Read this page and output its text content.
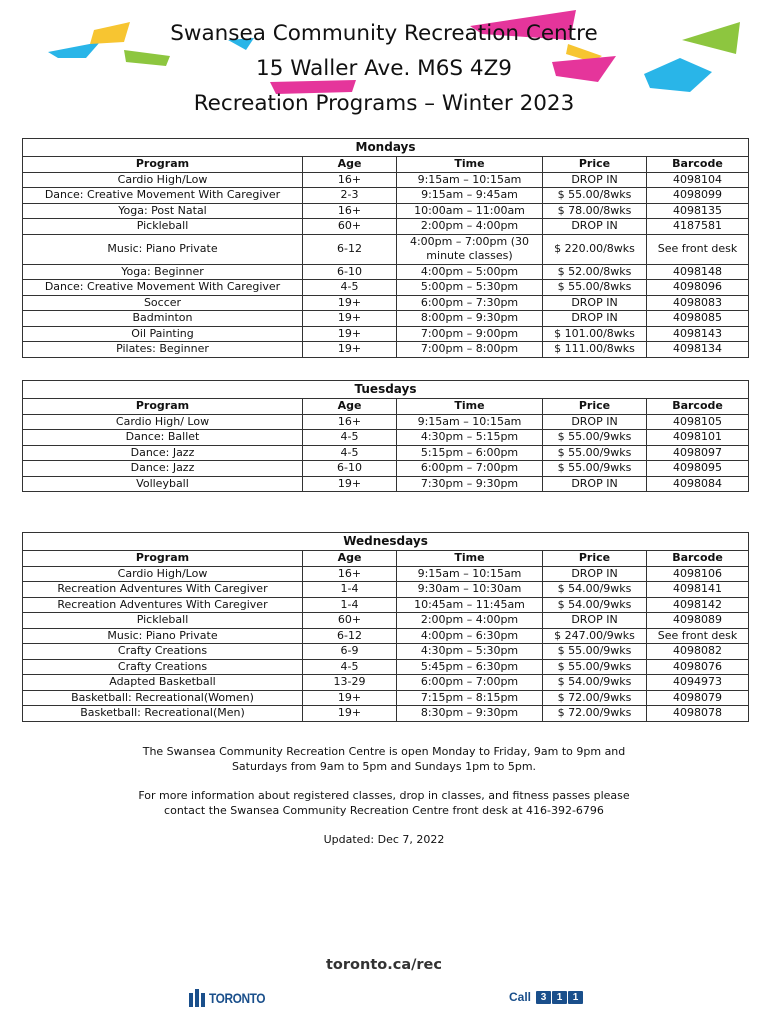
Swansea Community Recreation Centre
15 Waller Ave. M6S 4Z9
Recreation Programs – Winter 2023
Mondays				
Program	Age	Time	Price	Barcode
Cardio High/Low	16+	9:15am – 10:15am	DROP IN	4098104
Dance: Creative Movement With Caregiver	2-3	9:15am – 9:45am	$ 55.00/8wks	4098099
Yoga: Post Natal	16+	10:00am – 11:00am	$ 78.00/8wks	4098135
Pickleball	60+	2:00pm – 4:00pm	DROP IN	4187581
Music: Piano Private	6-12	4:00pm – 7:00pm (30 minute classes)	$ 220.00/8wks	See front desk
Yoga: Beginner	6-10	4:00pm – 5:00pm	$ 52.00/8wks	4098148
Dance: Creative Movement With Caregiver	4-5	5:00pm – 5:30pm	$ 55.00/8wks	4098096
Soccer	19+	6:00pm – 7:30pm	DROP IN	4098083
Badminton	19+	8:00pm – 9:30pm	DROP IN	4098085
Oil Painting	19+	7:00pm – 9:00pm	$ 101.00/8wks	4098143
Pilates: Beginner	19+	7:00pm – 8:00pm	$ 111.00/8wks	4098134
Tuesdays				
Program	Age	Time	Price	Barcode
Cardio High/ Low	16+	9:15am – 10:15am	DROP IN	4098105
Dance: Ballet	4-5	4:30pm – 5:15pm	$ 55.00/9wks	4098101
Dance: Jazz	4-5	5:15pm – 6:00pm	$ 55.00/9wks	4098097
Dance: Jazz	6-10	6:00pm – 7:00pm	$ 55.00/9wks	4098095
Volleyball	19+	7:30pm – 9:30pm	DROP IN	4098084
Wednesdays				
Program	Age	Time	Price	Barcode
Cardio High/Low	16+	9:15am – 10:15am	DROP IN	4098106
Recreation Adventures With Caregiver	1-4	9:30am – 10:30am	$ 54.00/9wks	4098141
Recreation Adventures With Caregiver	1-4	10:45am – 11:45am	$ 54.00/9wks	4098142
Pickleball	60+	2:00pm – 4:00pm	DROP IN	4098089
Music: Piano Private	6-12	4:00pm – 6:30pm	$ 247.00/9wks	See front desk
Crafty Creations	6-9	4:30pm – 5:30pm	$ 55.00/9wks	4098082
Crafty Creations	4-5	5:45pm – 6:30pm	$ 55.00/9wks	4098076
Adapted Basketball	13-29	6:00pm – 7:00pm	$ 54.00/9wks	4094973
Basketball: Recreational(Women)	19+	7:15pm – 8:15pm	$ 72.00/9wks	4098079
Basketball: Recreational(Men)	19+	8:30pm – 9:30pm	$ 72.00/9wks	4098078

The Swansea Community Recreation Centre is open Monday to Friday, 9am to 9pm and
Saturdays from 9am to 5pm and Sundays 1pm to 5pm.

For more information about registered classes, drop in classes, and fitness passes please
contact the Swansea Community Recreation Centre front desk at 416-392-6796

Updated: Dec 7, 2022

toronto.ca/rec
TORONTO	Call 3	1	1
